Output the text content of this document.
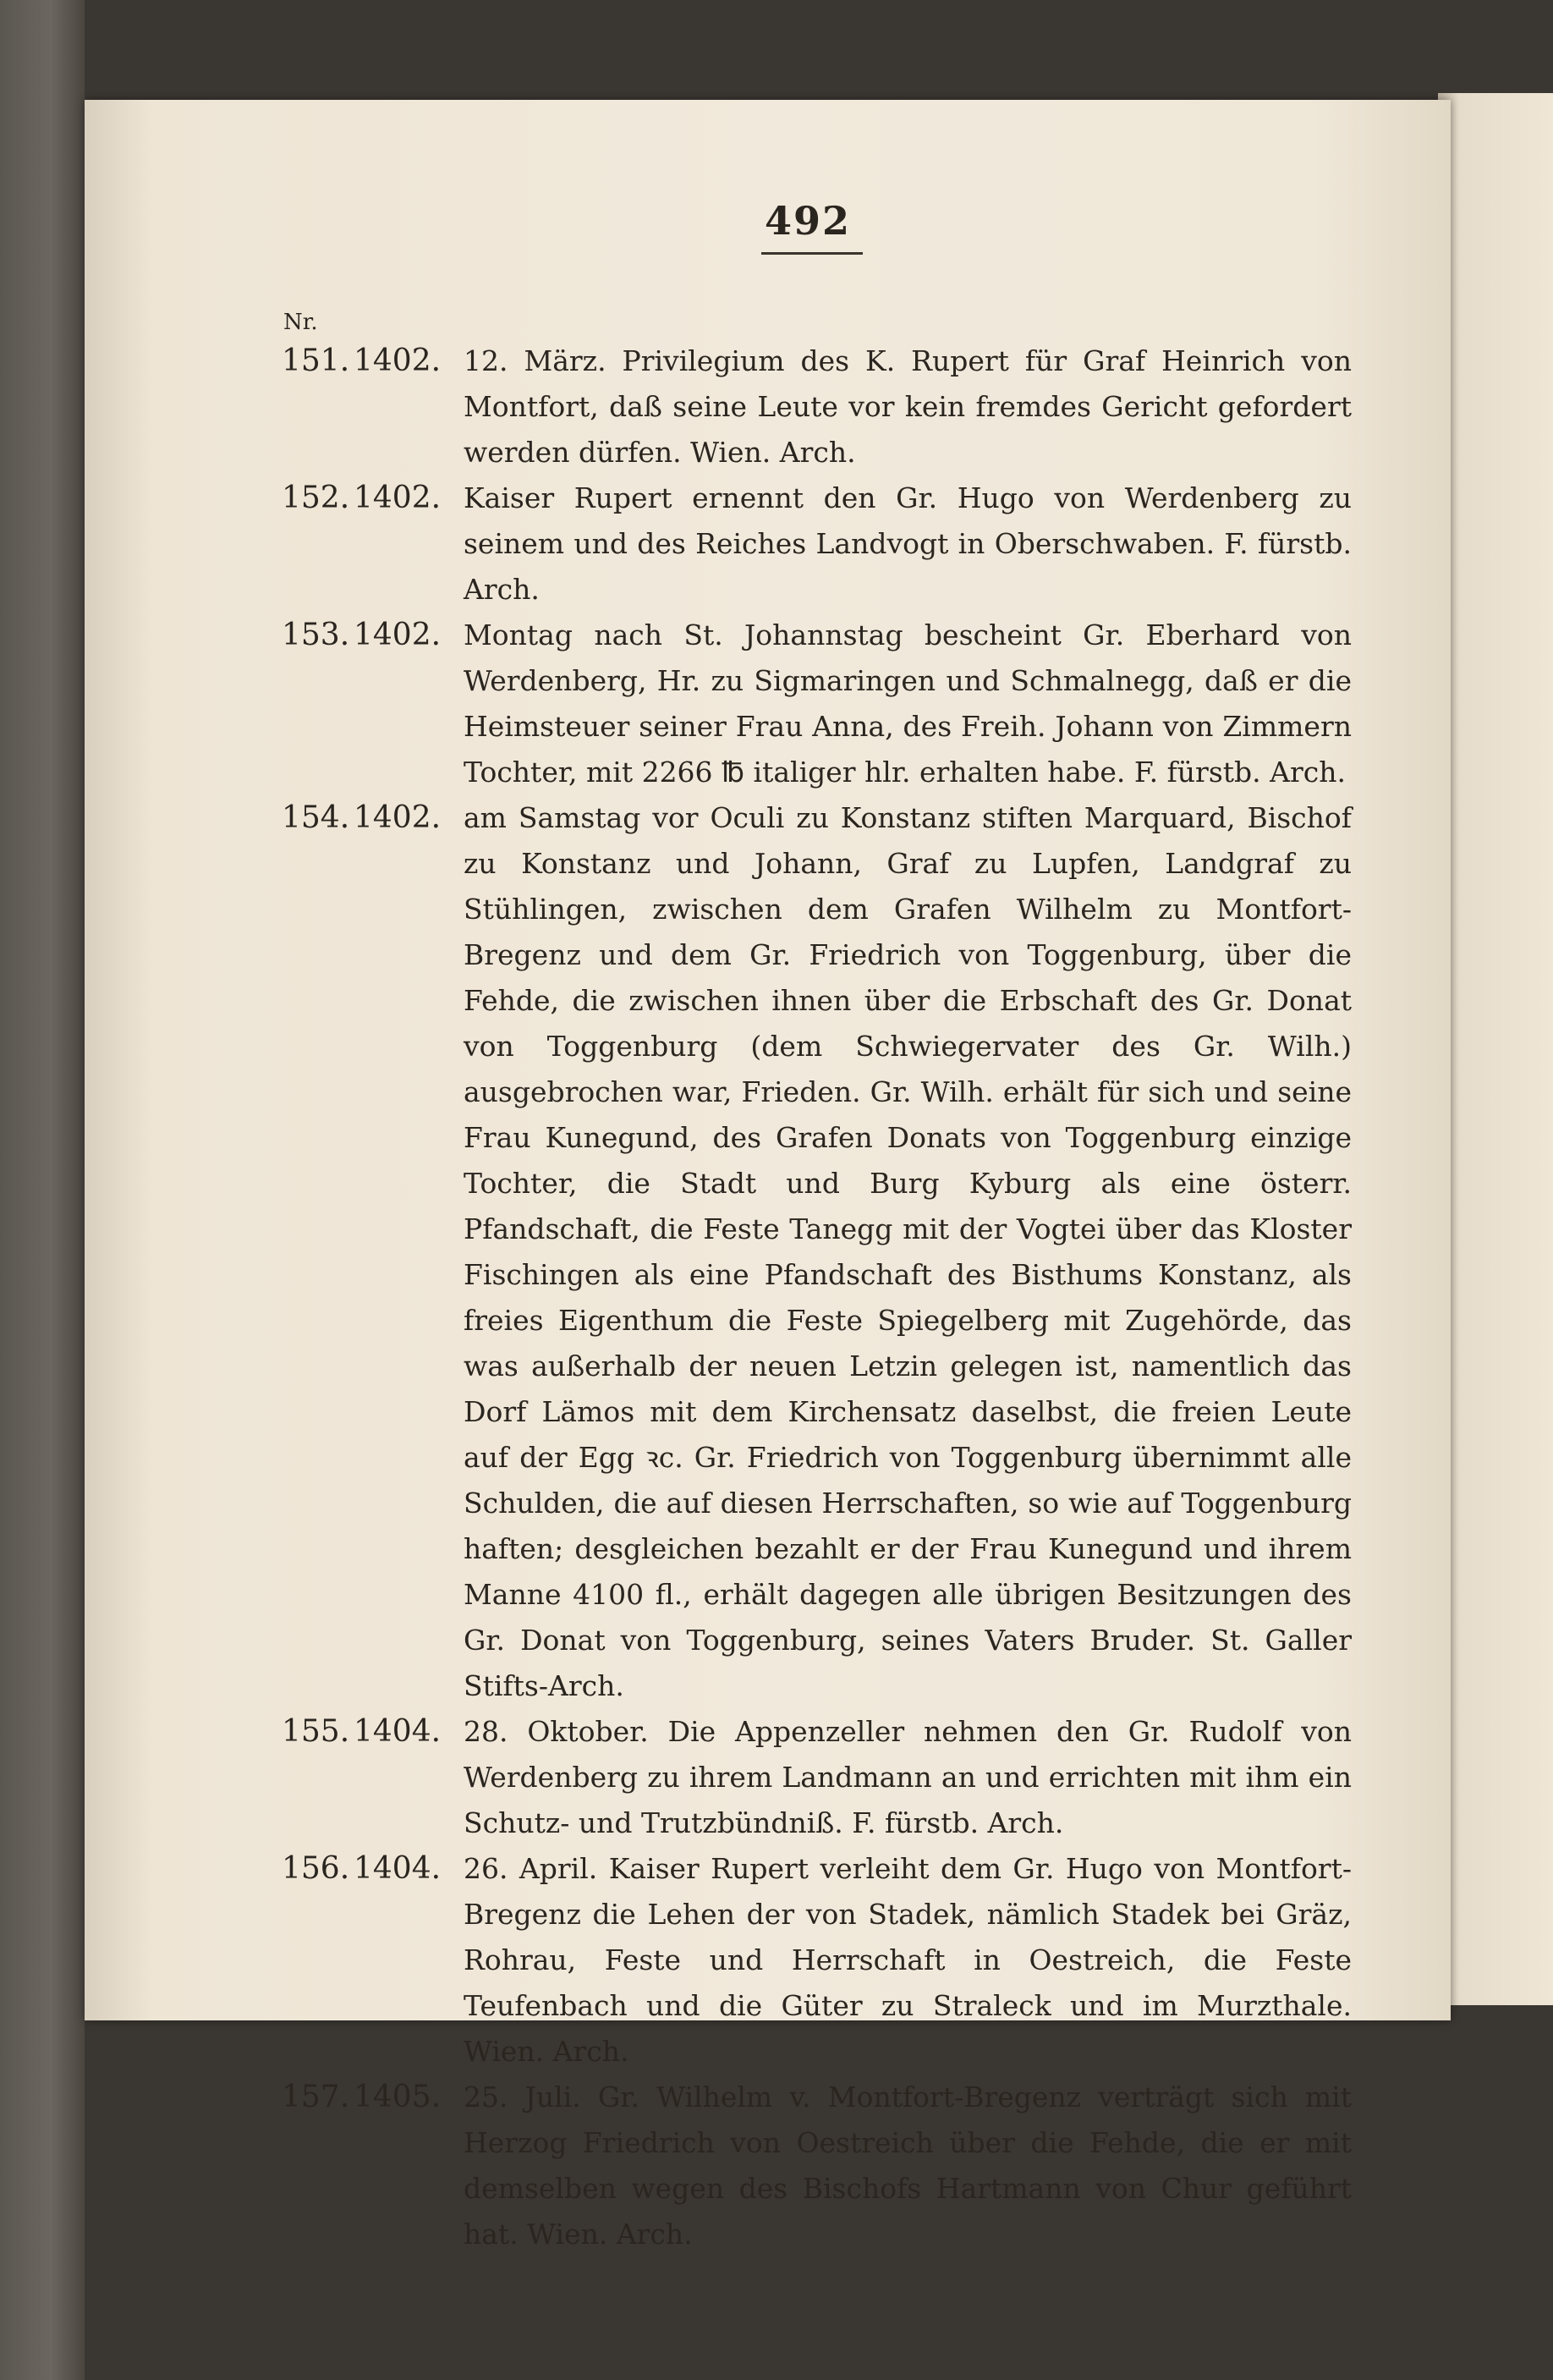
492
Nr.
151. 1402. 12. März. Privilegium des K. Rupert für Graf Heinrich von Montfort, daß seine Leute vor kein fremdes Gericht gefordert werden dürfen. Wien. Arch.
152. 1402. Kaiser Rupert ernennt den Gr. Hugo von Werdenberg zu seinem und des Reiches Landvogt in Oberschwaben. F. fürstb. Arch.
153. 1402. Montag nach St. Johannstag bescheint Gr. Eberhard von Werdenberg, Hr. zu Sigmaringen und Schmalnegg, daß er die Heimsteuer seiner Frau Anna, des Freih. Johann von Zimmern Tochter, mit 2266 ℔ italiger hlr. erhalten habe. F. fürstb. Arch.
154. 1402. am Samstag vor Oculi zu Konstanz stiften Marquard, Bischof zu Konstanz und Johann, Graf zu Lupfen, Landgraf zu Stühlingen, zwischen dem Grafen Wilhelm zu Montfort-Bregenz und dem Gr. Friedrich von Toggenburg, über die Fehde, die zwischen ihnen über die Erbschaft des Gr. Donat von Toggenburg (dem Schwiegervater des Gr. Wilh.) ausgebrochen war, Frieden. Gr. Wilh. erhält für sich und seine Frau Kunegund, des Grafen Donats von Toggenburg einzige Tochter, die Stadt und Burg Kyburg als eine österr. Pfandschaft, die Feste Tanegg mit der Vogtei über das Kloster Fischingen als eine Pfandschaft des Bisthums Konstanz, als freies Eigenthum die Feste Spiegelberg mit Zugehörde, das was außerhalb der neuen Letzin gelegen ist, namentlich das Dorf Lämos mit dem Kirchensatz daselbst, die freien Leute auf der Egg ꝛc. Gr. Friedrich von Toggenburg übernimmt alle Schulden, die auf diesen Herrschaften, so wie auf Toggenburg haften; desgleichen bezahlt er der Frau Kunegund und ihrem Manne 4100 fl., erhält dagegen alle übrigen Besitzungen des Gr. Donat von Toggenburg, seines Vaters Bruder. St. Galler Stifts-Arch.
155. 1404. 28. Oktober. Die Appenzeller nehmen den Gr. Rudolf von Werdenberg zu ihrem Landmann an und errichten mit ihm ein Schutz- und Trutzbündniß. F. fürstb. Arch.
156. 1404. 26. April. Kaiser Rupert verleiht dem Gr. Hugo von Montfort-Bregenz die Lehen der von Stadek, nämlich Stadek bei Gräz, Rohrau, Feste und Herrschaft in Oestreich, die Feste Teufenbach und die Güter zu Straleck und im Murzthale. Wien. Arch.
157. 1405. 25. Juli. Gr. Wilhelm v. Montfort-Bregenz verträgt sich mit Herzog Friedrich von Oestreich über die Fehde, die er mit demselben wegen des Bischofs Hartmann von Chur geführt hat. Wien. Arch.
